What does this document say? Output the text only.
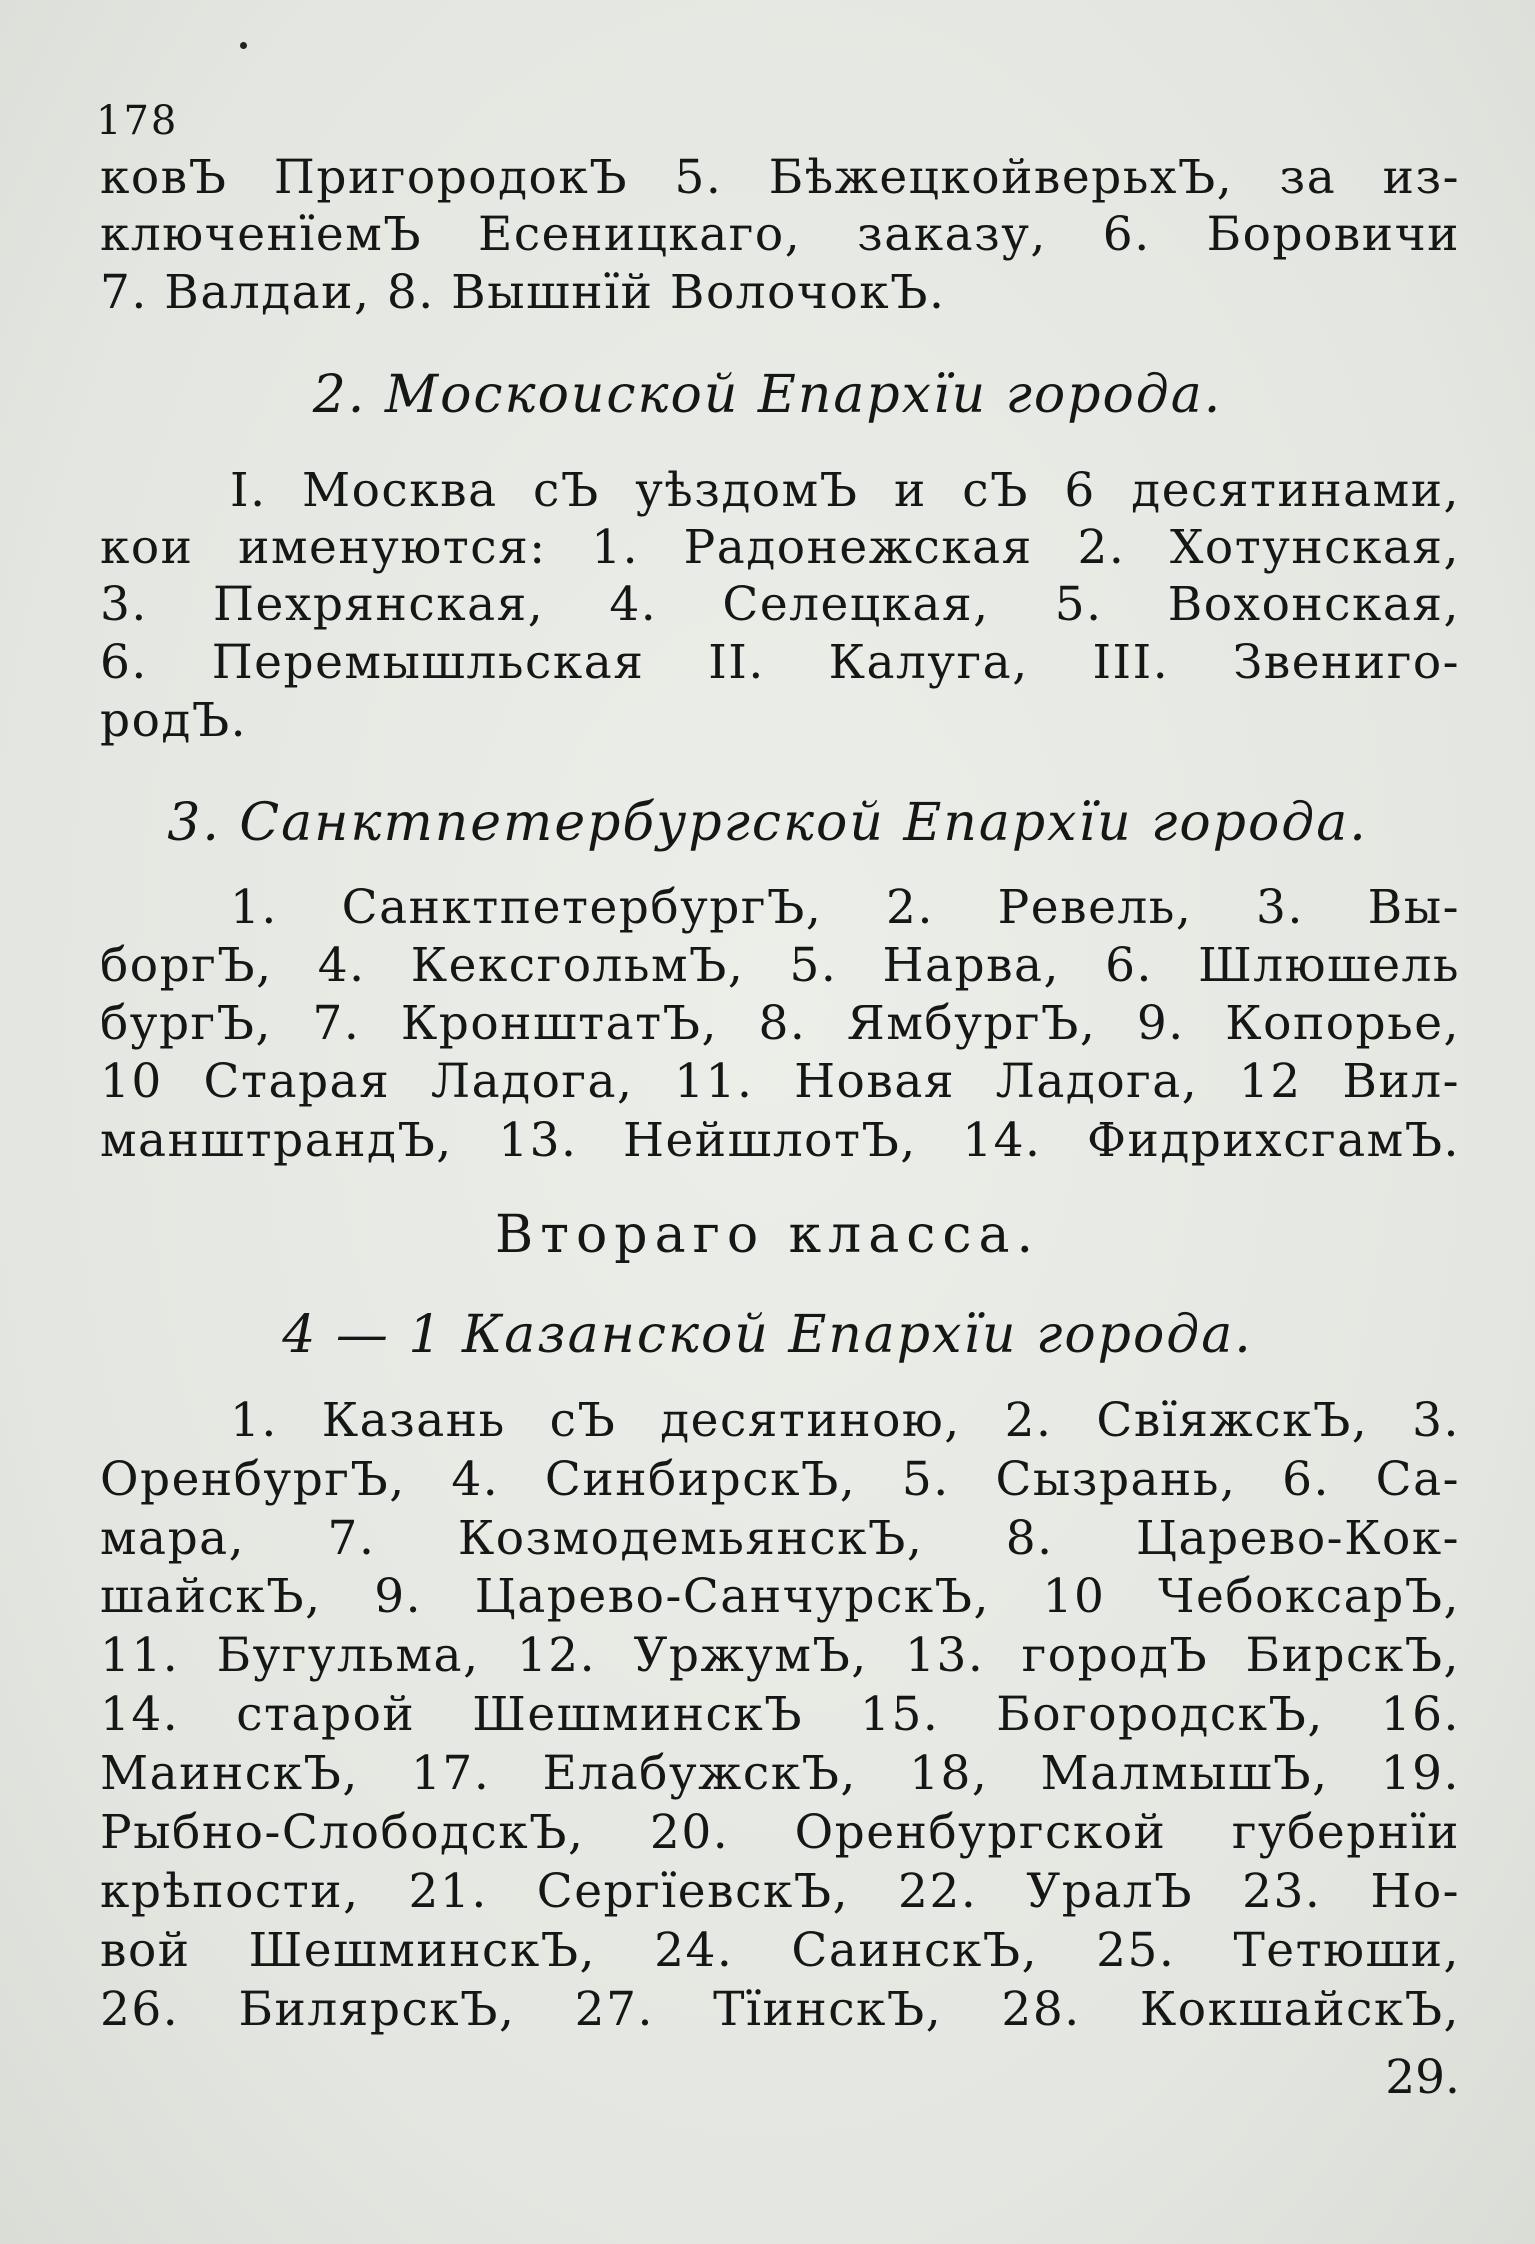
178
ковЪ ПригородокЪ 5. БѣжецкойверьхЪ, за из-
ключенїемЪ Есеницкаго, заказу, 6. Боровичи
7. Валдаи, 8. Вышнїй ВолочокЪ.
2. Москоиской Епархїи города.
I. Москва сЪ уѣздомЪ и сЪ 6 десятинами,
кои именуются: 1. Радонежская 2. Хотунская,
3. Пехрянская, 4. Селецкая, 5. Вохонская,
6. Перемышльская II. Калуга, III. Звениго-
родЪ.
3. Санктпетербургской Епархїи города.
1. СанктпетербургЪ, 2. Ревель, 3. Вы-
боргЪ, 4. КексгольмЪ, 5. Нарва, 6. Шлюшель
бургЪ, 7. КронштатЪ, 8. ЯмбургЪ, 9. Копорье,
10 Старая Ладога, 11. Новая Ладога, 12 Вил-
манштрандЪ, 13. НейшлотЪ, 14. ФидрихсгамЪ.
Втораго класса.
4 — 1 Казанской Епархїи города.
1. Казань сЪ десятиною, 2. СвїяжскЪ, 3.
ОренбургЪ, 4. СинбирскЪ, 5. Сызрань, 6. Са-
мара, 7. КозмодемьянскЪ, 8. Царево-Кок-
шайскЪ, 9. Царево-СанчурскЪ, 10 ЧебоксарЪ,
11. Бугульма, 12. УржумЪ, 13. городЪ БирскЪ,
14. старой ШешминскЪ 15. БогородскЪ, 16.
МаинскЪ, 17. ЕлабужскЪ, 18, МалмышЪ, 19.
Рыбно-СлободскЪ, 20. Оренбургской губернїи
крѣпости, 21. СергїевскЪ, 22. УралЪ 23. Но-
вой ШешминскЪ, 24. СаинскЪ, 25. Тетюши,
26. БилярскЪ, 27. ТїинскЪ, 28. КокшайскЪ,
29.
